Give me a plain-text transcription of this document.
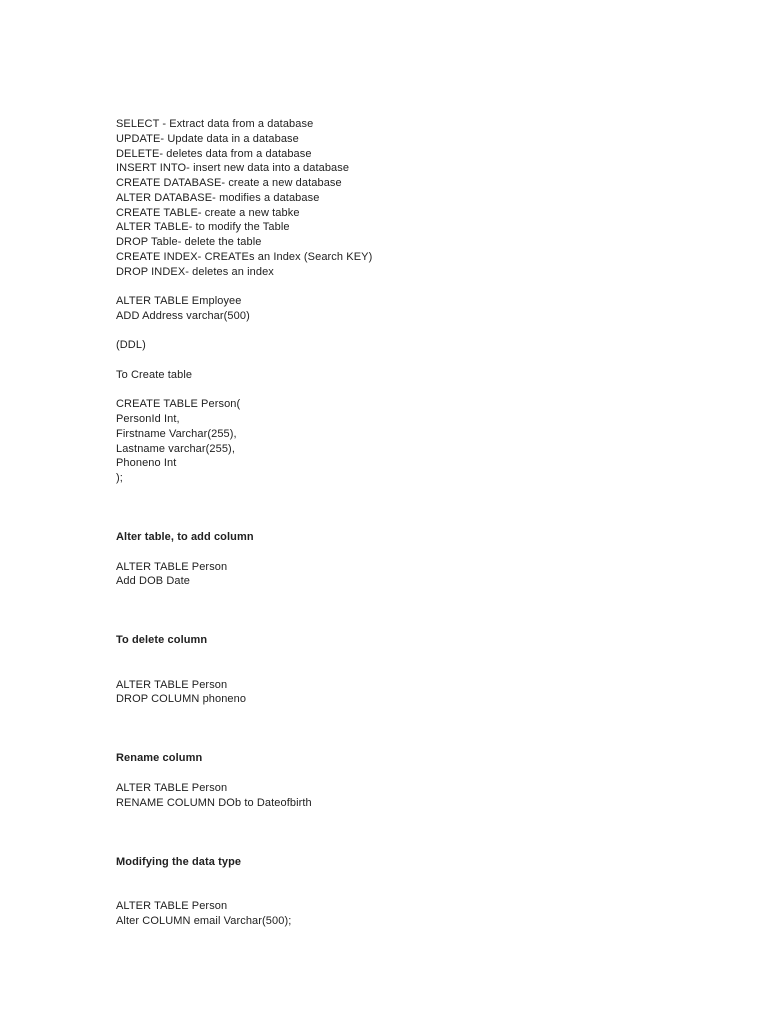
SELECT - Extract data from a database
UPDATE- Update data in a database
DELETE- deletes data from a database
INSERT INTO- insert new data into a database
CREATE DATABASE- create a new database
ALTER DATABASE- modifies a database
CREATE TABLE- create a new tabke
ALTER TABLE- to modify the Table
DROP Table- delete the table
CREATE INDEX- CREATEs an Index (Search KEY)
DROP INDEX- deletes an index
ALTER TABLE Employee
ADD Address varchar(500)
(DDL)
To Create table
CREATE TABLE Person(
PersonId Int,
Firstname Varchar(255),
Lastname varchar(255),
Phoneno Int
);
Alter table, to add column
ALTER TABLE Person
Add DOB Date
To delete column
ALTER TABLE Person
DROP COLUMN phoneno
Rename column
ALTER TABLE Person
RENAME COLUMN DOb to Dateofbirth
Modifying the data type
ALTER TABLE Person
Alter COLUMN email Varchar(500);
